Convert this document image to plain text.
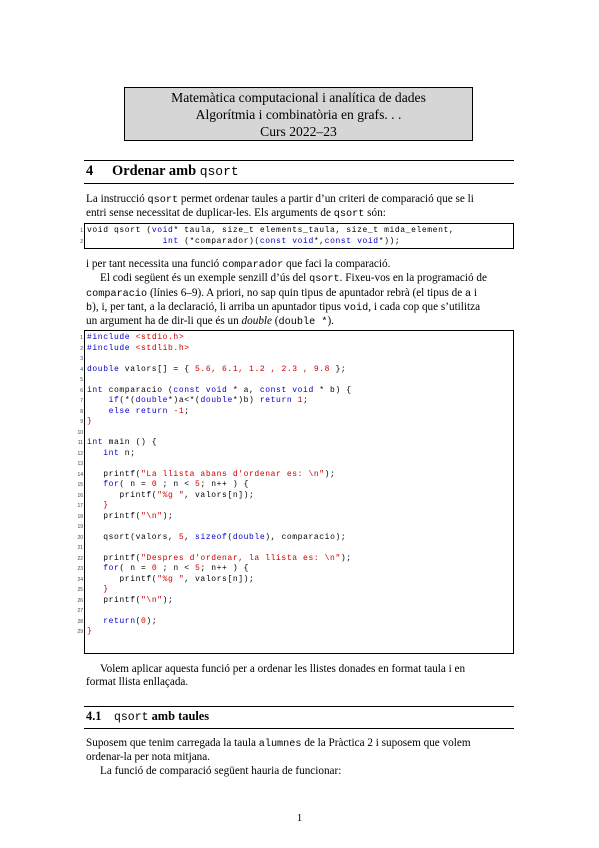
Matemàtica computacional i analítica de dades
Algorítmia i combinatòria en grafs. . .
Curs 2022–23
4 Ordenar amb qsort
La instrucció qsort permet ordenar taules a partir d’un criteri de comparació que se li
entri sense necessitat de duplicar-les. Els arguments de qsort són:
1 void qsort (void* taula, size_t elements_taula, size_t mida_element,
2	int (*comparador)(const void*,const void*));
i per tant necessita una funció comparador que faci la comparació.
El codi següent és un exemple senzill d’ús del qsort. Fixeu-vos en la programació de
comparacio (línies 6–9). A priori, no sap quin tipus de apuntador rebrà (el tipus de a i
b), i, per tant, a la declaració, li arriba un apuntador tipus void, i cada cop que s’utilitza
un argument ha de dir-li que és un double (double *).
1 #include <stdio.h>
2 #include <stdlib.h>
3
4 double valors[] = { 5.6, 6.1, 1.2 , 2.3 , 9.8 };
5
6 int comparacio (const void * a, const void * b) {
7	if(*(double*)a<*(double*)b) return 1;
8	else return -1;
9 }
10
11 int main () {
12	int n;
13
14 printf("La llista abans d'ordenar es: \n");
15	for( n = 0 ; n < 5; n++ ) {
16 printf("%g ", valors[n]);
17	}
18 printf("\n");
19
20 qsort(valors, 5, sizeof(double), comparacio);
21
22 printf("Despres d'ordenar, la llista es: \n");
23	for( n = 0 ; n < 5; n++ ) {
24 printf("%g ", valors[n]);
25	}
26 printf("\n");
27
28	return(0);
29 }
Volem aplicar aquesta funció per a ordenar les llistes donades en format taula i en
format llista enllaçada.
4.1 qsort amb taules
Suposem que tenim carregada la taula alumnes de la Pràctica 2 i suposem que volem
ordenar-la per nota mitjana.
La funció de comparació següent hauria de funcionar:
1
